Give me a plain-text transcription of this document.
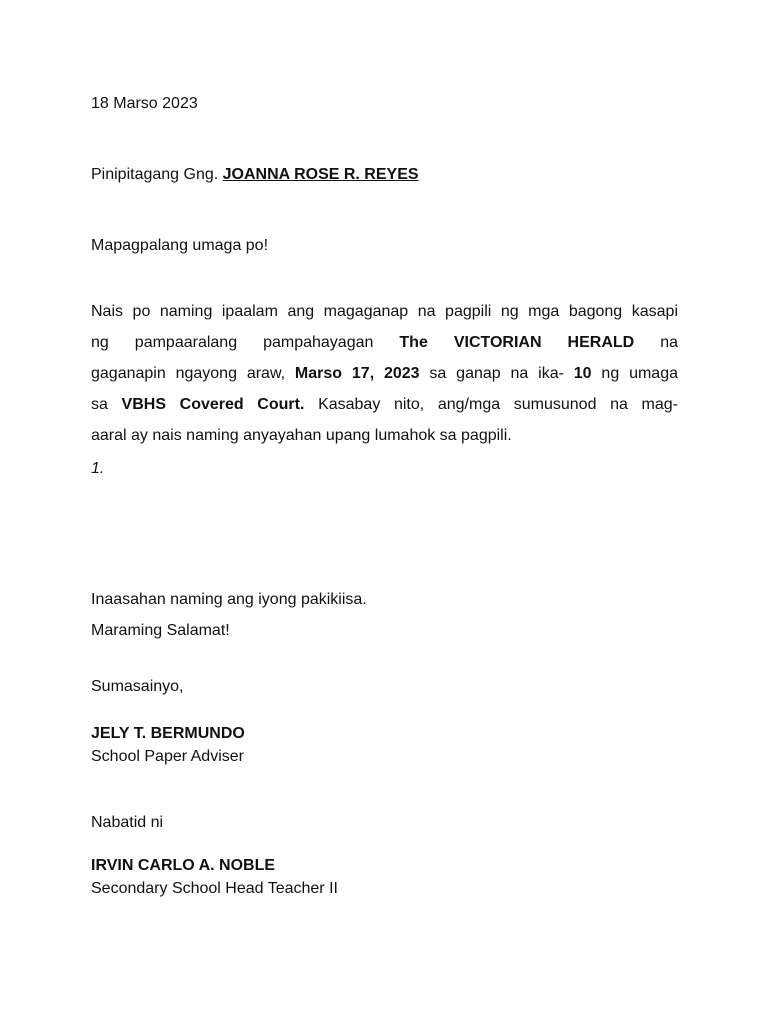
18 Marso 2023
Pinipitagang Gng. JOANNA ROSE R. REYES
Mapagpalang umaga po!
Nais po naming ipaalam ang magaganap na pagpili ng mga bagong kasapi
ng pampaaralang pampahayagan The VICTORIAN HERALD na
gaganapin ngayong araw, Marso 17, 2023 sa ganap na ika- 10 ng umaga
sa VBHS Covered Court. Kasabay nito, ang/mga sumusunod na mag-
aaral ay nais naming anyayahan upang lumahok sa pagpili.
1.
Inaasahan naming ang iyong pakikiisa.
Maraming Salamat!
Sumasainyo,
JELY T. BERMUNDO
School Paper Adviser
Nabatid ni
IRVIN CARLO A. NOBLE
Secondary School Head Teacher II
